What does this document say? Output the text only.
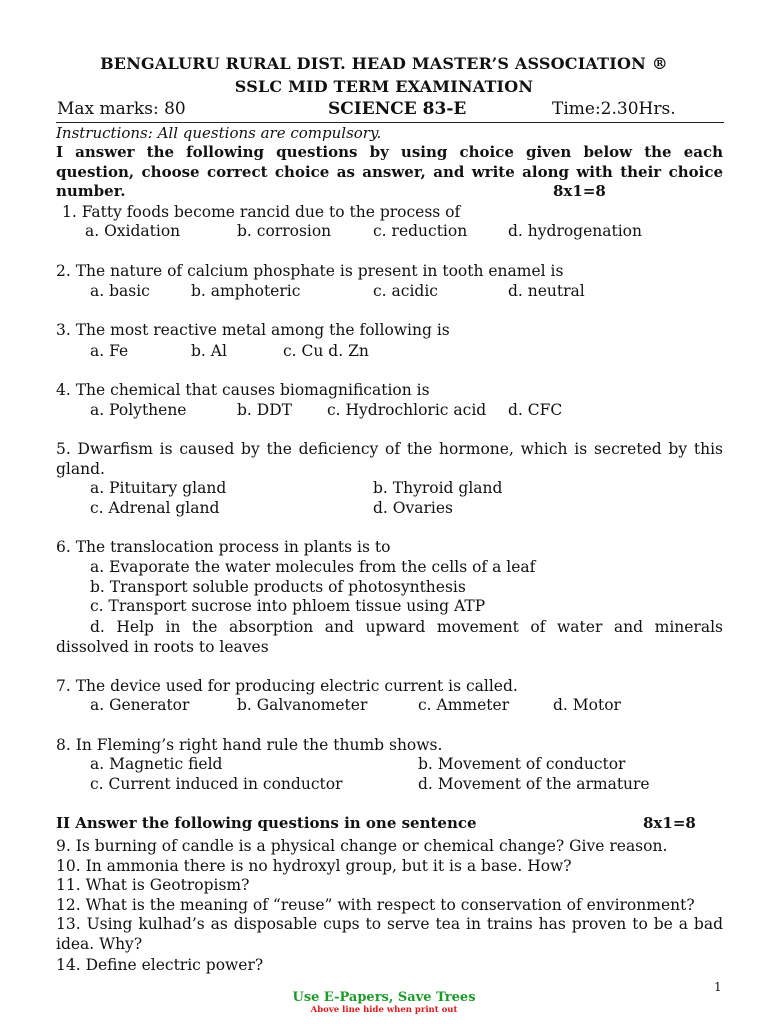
BENGALURU RURAL DIST. HEAD MASTER’S ASSOCIATION ®
SSLC MID TERM EXAMINATION
Max marks: 80	SCIENCE 83-E	Time:2.30Hrs.
Instructions: All questions are compulsory.
I answer the following questions by using choice given below the each question, choose correct choice as answer, and write along with their choice number.	8x1=8
1. Fatty foods become rancid due to the process of
a. Oxidation	b. corrosion	c. reduction	d. hydrogenation
2. The nature of calcium phosphate is present in tooth enamel is
a. basic	b. amphoteric	c. acidic	d. neutral
3. The most reactive metal among the following is
a. Fe	b. Al	c. Cu d. Zn
4. The chemical that causes biomagnification is
a. Polythene	b. DDT c. Hydrochloric acid d. CFC
5. Dwarfism is caused by the deficiency of the hormone, which is secreted by this gland.
a. Pituitary gland	b. Thyroid gland
c. Adrenal gland	d. Ovaries
6. The translocation process in plants is to
a. Evaporate the water molecules from the cells of a leaf
b. Transport soluble products of photosynthesis
c. Transport sucrose into phloem tissue using ATP
d. Help in the absorption and upward movement of water and minerals dissolved in roots to leaves
7. The device used for producing electric current is called.
a. Generator	b. Galvanometer	c. Ammeter	d. Motor
8. In Fleming’s right hand rule the thumb shows.
a. Magnetic field	b. Movement of conductor
c. Current induced in conductor	d. Movement of the armature
II Answer the following questions in one sentence	8x1=8
9. Is burning of candle is a physical change or chemical change? Give reason.
10. In ammonia there is no hydroxyl group, but it is a base. How?
11. What is Geotropism?
12. What is the meaning of “reuse” with respect to conservation of environment?
13. Using kulhad’s as disposable cups to serve tea in trains has proven to be a bad idea. Why?
14. Define electric power?
1
Use E-Papers, Save Trees
Above line hide when print out
